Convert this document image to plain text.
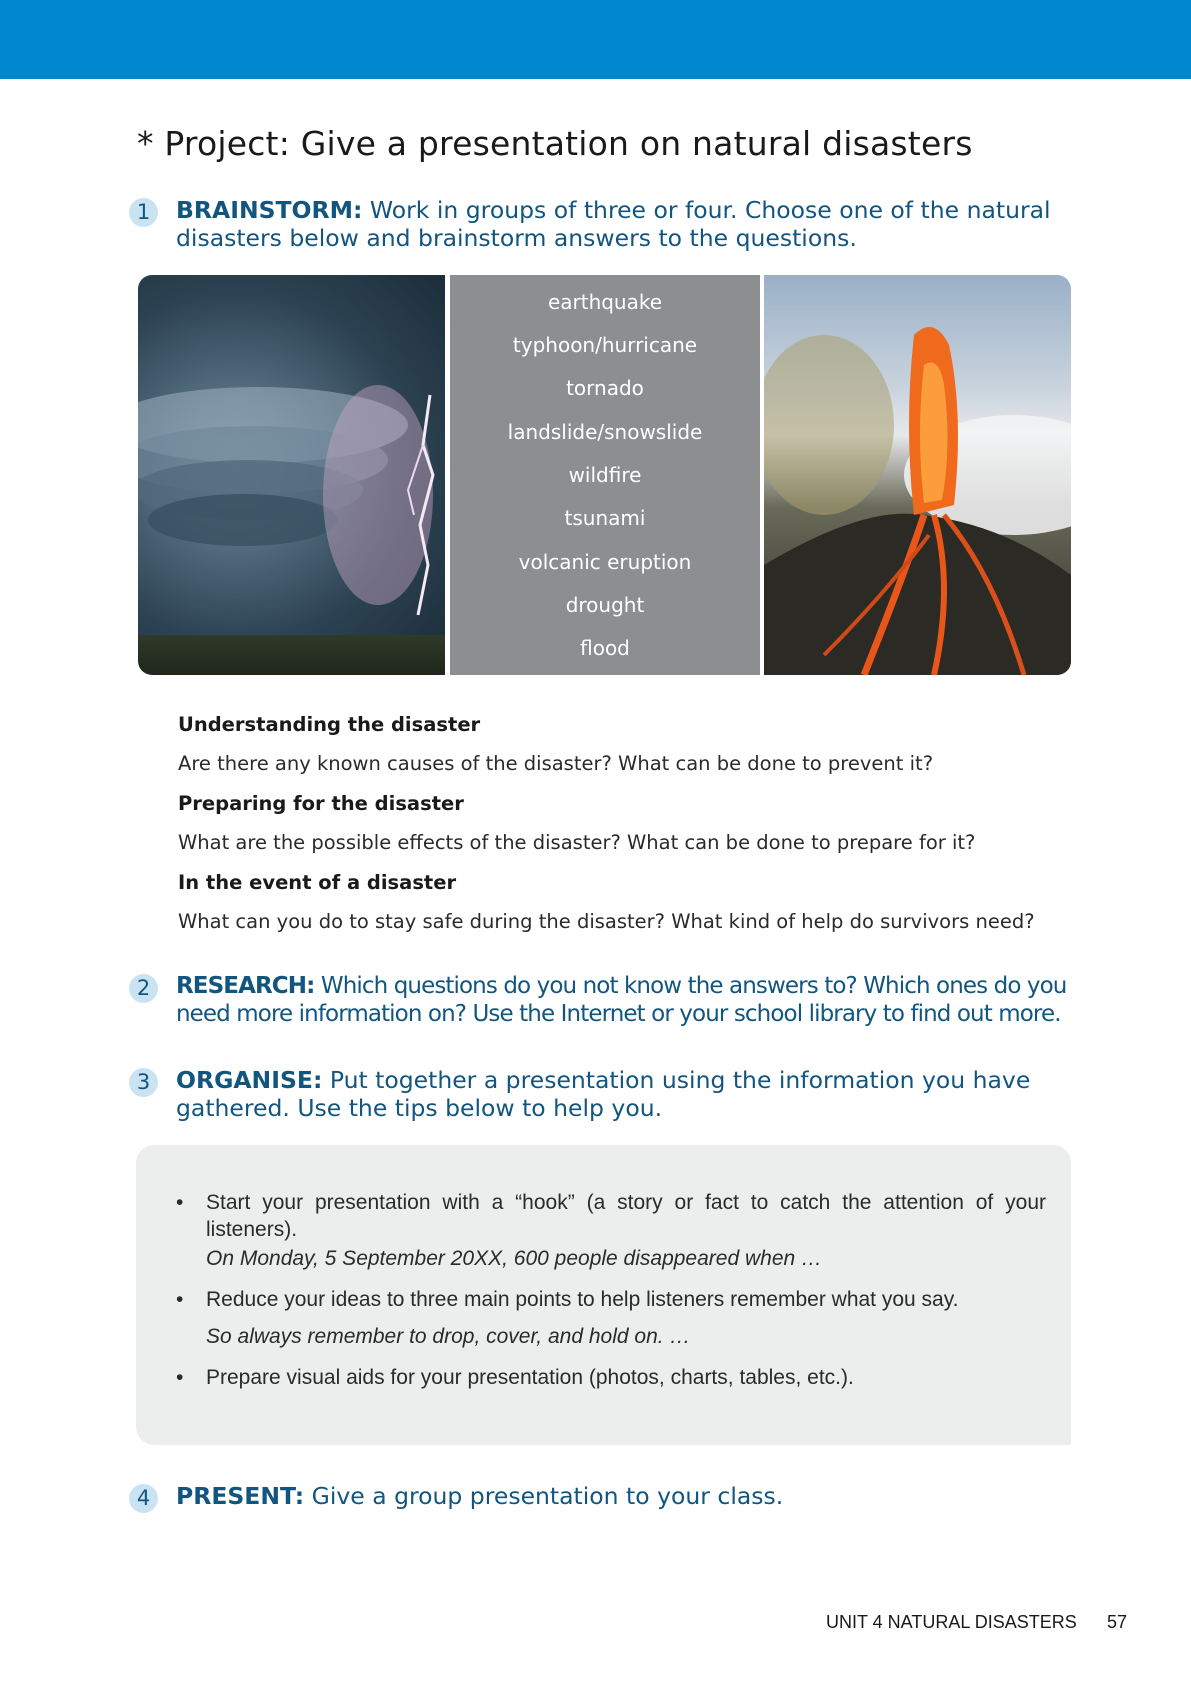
* Project: Give a presentation on natural disasters
1	BRAINSTORM: Work in groups of three or four. Choose one of the natural disasters below and brainstorm answers to the questions.
earthquake
typhoon/hurricane
tornado
landslide/snowslide
wildfire
tsunami
volcanic eruption
drought
flood
Understanding the disaster
Are there any known causes of the disaster? What can be done to prevent it?
Preparing for the disaster
What are the possible effects of the disaster? What can be done to prepare for it?
In the event of a disaster
What can you do to stay safe during the disaster? What kind of help do survivors need?
2	RESEARCH: Which questions do you not know the answers to? Which ones do you need more information on? Use the Internet or your school library to find out more.
3	ORGANISE: Put together a presentation using the information you have gathered. Use the tips below to help you.
• Start your presentation with a “hook” (a story or fact to catch the attention of your listeners).
On Monday, 5 September 20XX, 600 people disappeared when …
• Reduce your ideas to three main points to help listeners remember what you say.
So always remember to drop, cover, and hold on. …
• Prepare visual aids for your presentation (photos, charts, tables, etc.).
4	PRESENT: Give a group presentation to your class.
UNIT 4 NATURAL DISASTERS 57
